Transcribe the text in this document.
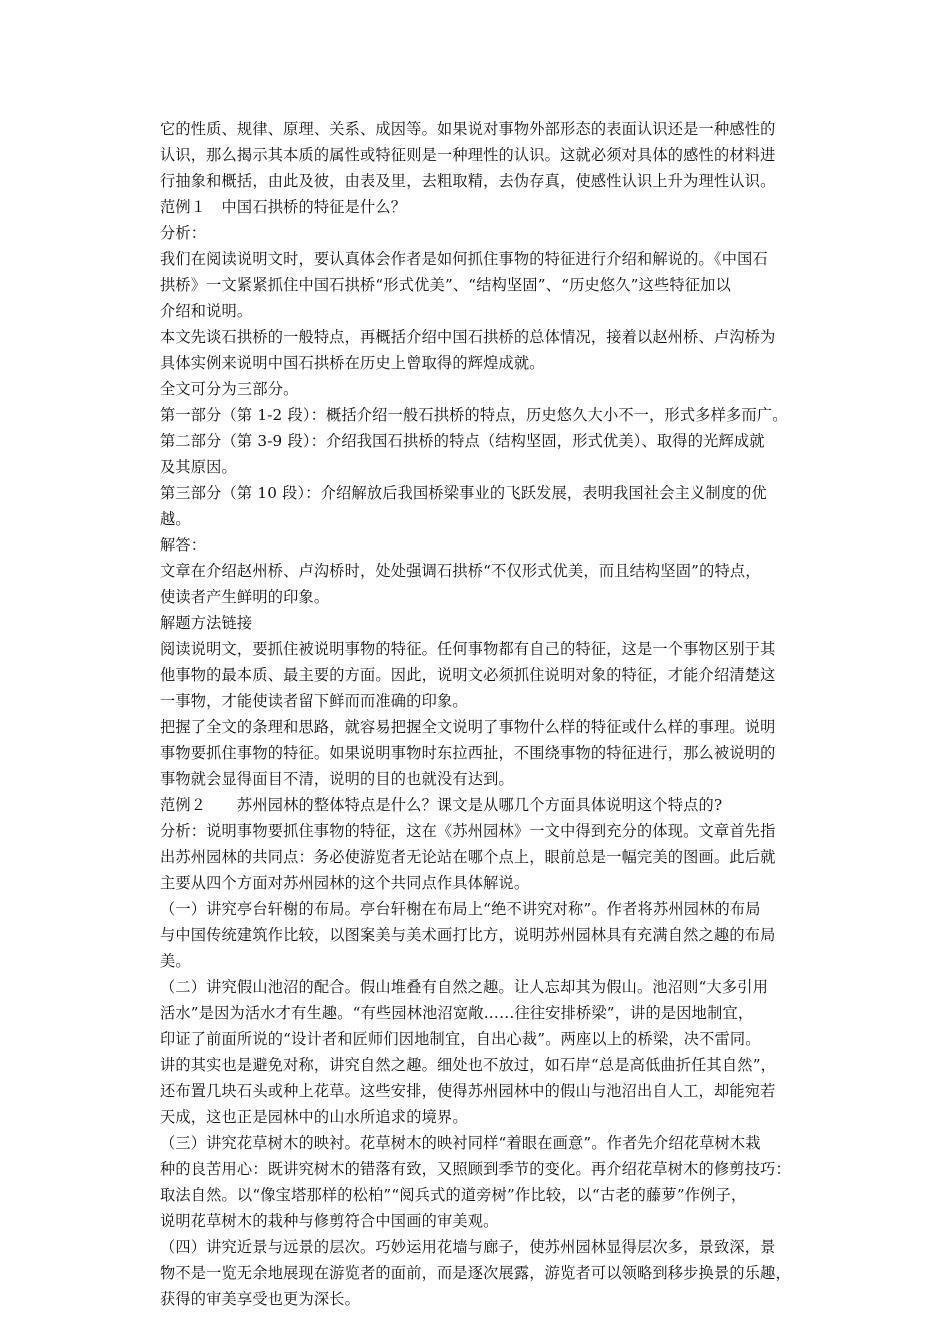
它的性质、规律、原理、关系、成因等。如果说对事物外部形态的表面认识还是一种感性的
认识，那么揭示其本质的属性或特征则是一种理性的认识。这就必须对具体的感性的材料进
行抽象和概括，由此及彼，由表及里，去粗取精，去伪存真，使感性认识上升为理性认识。
范例１　中国石拱桥的特征是什么？
分析：
我们在阅读说明文时，要认真体会作者是如何抓住事物的特征进行介绍和解说的。《中国石
拱桥》一文紧紧抓住中国石拱桥“形式优美”、“结构坚固”、“历史悠久”这些特征加以
介绍和说明。
本文先谈石拱桥的一般特点，再概括介绍中国石拱桥的总体情况，接着以赵州桥、卢沟桥为
具体实例来说明中国石拱桥在历史上曾取得的辉煌成就。
全文可分为三部分。
第一部分（第 1-2 段）：概括介绍一般石拱桥的特点，历史悠久大小不一，形式多样多而广。
第二部分（第 3-9 段）：介绍我国石拱桥的特点（结构坚固，形式优美）、取得的光辉成就
及其原因。
第三部分（第 10 段）：介绍解放后我国桥梁事业的飞跃发展，表明我国社会主义制度的优
越。
解答：
文章在介绍赵州桥、卢沟桥时，处处强调石拱桥“不仅形式优美，而且结构坚固”的特点，
使读者产生鲜明的印象。
解题方法链接
阅读说明文，要抓住被说明事物的特征。任何事物都有自己的特征，这是一个事物区别于其
他事物的最本质、最主要的方面。因此，说明文必须抓住说明对象的特征，才能介绍清楚这
一事物，才能使读者留下鲜而而准确的印象。
把握了全文的条理和思路，就容易把握全文说明了事物什么样的特征或什么样的事理。说明
事物要抓住事物的特征。如果说明事物时东拉西扯，不围绕事物的特征进行，那么被说明的
事物就会显得面目不清，说明的目的也就没有达到。
范例２　　苏州园林的整体特点是什么？课文是从哪几个方面具体说明这个特点的?
分析：说明事物要抓住事物的特征，这在《苏州园林》一文中得到充分的体现。文章首先指
出苏州园林的共同点：务必使游览者无论站在哪个点上，眼前总是一幅完美的图画。此后就
主要从四个方面对苏州园林的这个共同点作具体解说。
（一）讲究亭台轩榭的布局。亭台轩榭在布局上“绝不讲究对称”。作者将苏州园林的布局
与中国传统建筑作比较，以图案美与美术画打比方，说明苏州园林具有充满自然之趣的布局
美。
（二）讲究假山池沼的配合。假山堆叠有自然之趣。让人忘却其为假山。池沼则“大多引用
活水”是因为活水才有生趣。“有些园林池沼宽敞……往往安排桥梁”，讲的是因地制宜，
印证了前面所说的“设计者和匠师们因地制宜，自出心裁”。两座以上的桥梁，决不雷同。
讲的其实也是避免对称，讲究自然之趣。细处也不放过，如石岸“总是高低曲折任其自然”，
还布置几块石头或种上花草。这些安排，使得苏州园林中的假山与池沼出自人工，却能宛若
天成，这也正是园林中的山水所追求的境界。
（三）讲究花草树木的映衬。花草树木的映衬同样“着眼在画意”。作者先介绍花草树木栽
种的良苦用心：既讲究树木的错落有致，又照顾到季节的变化。再介绍花草树木的修剪技巧：
取法自然。以“像宝塔那样的松柏”“阅兵式的道旁树”作比较，以“古老的藤萝”作例子，
说明花草树木的栽种与修剪符合中国画的审美观。
（四）讲究近景与远景的层次。巧妙运用花墙与廊子，使苏州园林显得层次多，景致深，景
物不是一览无余地展现在游览者的面前，而是逐次展露，游览者可以领略到移步换景的乐趣，
获得的审美享受也更为深长。
